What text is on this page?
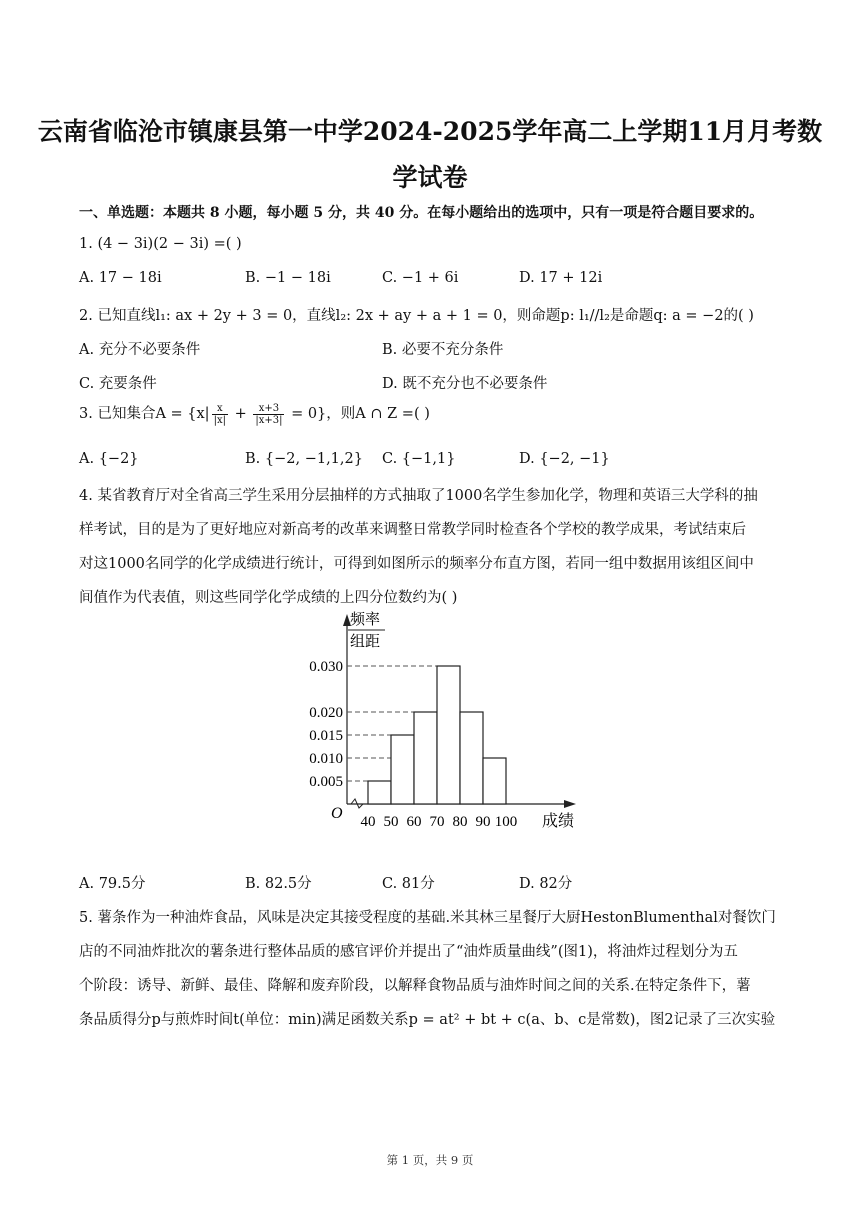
云南省临沧市镇康县第一中学2024-2025学年高二上学期11月月考数
学试卷
一、单选题：本题共 8 小题，每小题 5 分，共 40 分。在每小题给出的选项中，只有一项是符合题目要求的。
1. (4 − 3i)(2 − 3i) =( )
A. 17 − 18i	B. −1 − 18i	C. −1 + 6i	D. 17 + 12i
2. 已知直线l₁: ax + 2y + 3 = 0，直线l₂: 2x + ay + a + 1 = 0，则命题p: l₁//l₂是命题q: a = −2的( )
A. 充分不必要条件	B. 必要不充分条件
C. 充要条件	D. 既不充分也不必要条件
3. 已知集合$A = \{x| \frac{x}{|x|} + \frac{x+3}{|x+3|} = 0\}$，则A ∩ Z =( )
A. {−2}	B. {−2, −1,1,2} C. {−1,1}	D. {−2, −1}
4. 某省教育厅对全省高三学生采用分层抽样的方式抽取了1000名学生参加化学，物理和英语三大学科的抽
样考试，目的是为了更好地应对新高考的改革来调整日常教学同时检查各个学校的教学成果，考试结束后
对这1000名同学的化学成绩进行统计，可得到如图所示的频率分布直方图，若同一组中数据用该组区间中
间值作为代表值，则这些同学化学成绩的上四分位数约为( )
频率
组距
O	成绩
0.005
0.010
0.015
0.020
0.030
40 50 60 70 80 90 100
A. 79.5分	B. 82.5分	C. 81分	D. 82分
5. 薯条作为一种油炸食品，风味是决定其接受程度的基础.米其林三星餐厅大厨HestonBlumenthal对餐饮门
店的不同油炸批次的薯条进行整体品质的感官评价并提出了“油炸质量曲线”(图1)，将油炸过程划分为五
个阶段：诱导、新鲜、最佳、降解和废弃阶段，以解释食物品质与油炸时间之间的关系.在特定条件下，薯
条品质得分p与煎炸时间t(单位：min)满足函数关系p = at² + bt + c(a、b、c是常数)，图2记录了三次实验
第 1 页，共 9 页
